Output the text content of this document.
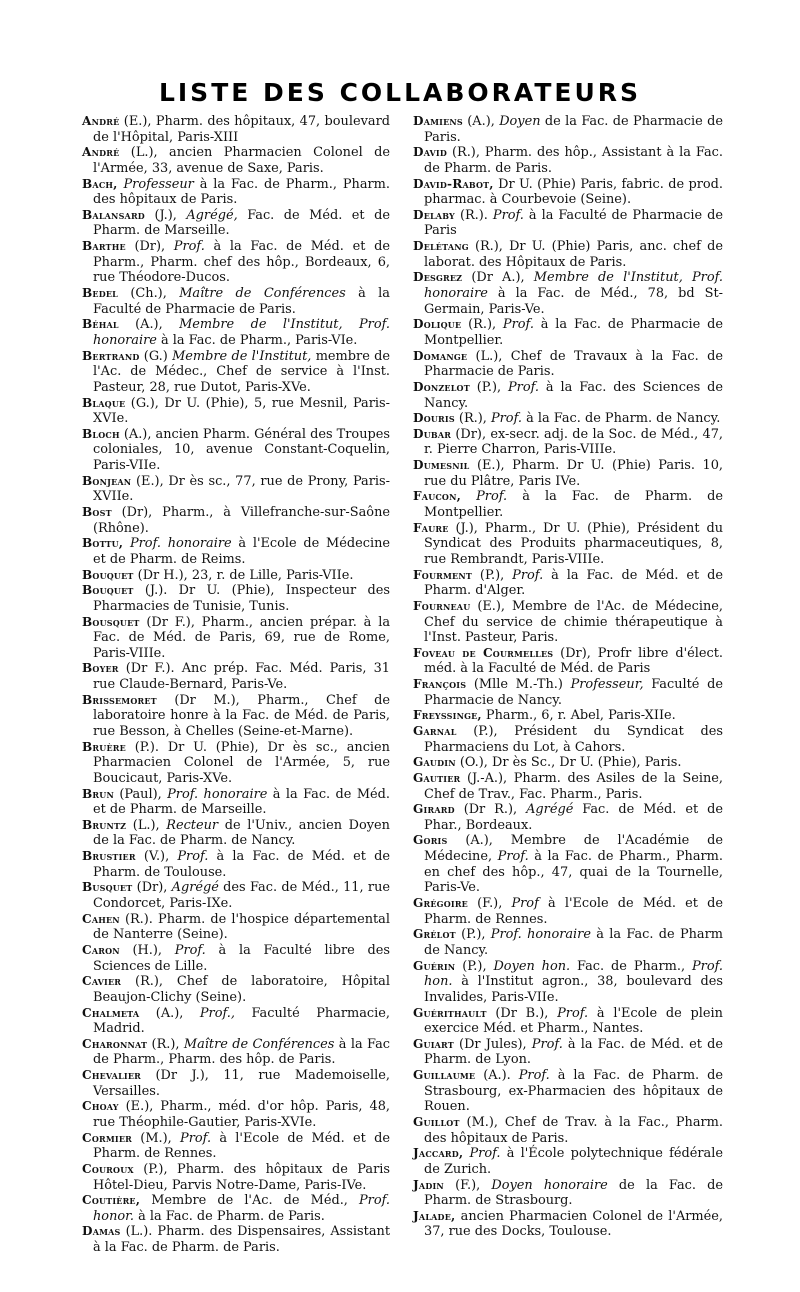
LISTE DES COLLABORATEURS
André (E.), Pharm. des hôpitaux, 47, boulevard de l'Hôpital, Paris-XIII
André (L.), ancien Pharmacien Colonel de l'Armée, 33, avenue de Saxe, Paris.
Bach, Professeur à la Fac. de Pharm., Pharm. des hôpitaux de Paris.
Balansard (J.), Agrégé, Fac. de Méd. et de Pharm. de Marseille.
Barthe (Dr), Prof. à la Fac. de Méd. et de Pharm., Pharm. chef des hôp., Bordeaux, 6, rue Théodore-Ducos.
Bedel (Ch.), Maître de Conférences à la Faculté de Pharmacie de Paris.
Béhal (A.), Membre de l'Institut, Prof. honoraire à la Fac. de Pharm., Paris-VIe.
Bertrand (G.) Membre de l'Institut, membre de l'Ac. de Médec., Chef de service à l'Inst. Pasteur, 28, rue Dutot, Paris-XVe.
Blaque (G.), Dr U. (Phie), 5, rue Mesnil, Paris-XVIe.
Bloch (A.), ancien Pharm. Général des Troupes coloniales, 10, avenue Constant-Coquelin, Paris-VIIe.
Bonjean (E.), Dr ès sc., 77, rue de Prony, Paris-XVIIe.
Bost (Dr), Pharm., à Villefranche-sur-Saône (Rhône).
Bottu, Prof. honoraire à l'Ecole de Médecine et de Pharm. de Reims.
Bouquet (Dr H.), 23, r. de Lille, Paris-VIIe.
Bouquet (J.). Dr U. (Phie), Inspecteur des Pharmacies de Tunisie, Tunis.
Bousquet (Dr F.), Pharm., ancien prépar. à la Fac. de Méd. de Paris, 69, rue de Rome, Paris-VIIIe.
Boyer (Dr F.). Anc prép. Fac. Méd. Paris, 31 rue Claude-Bernard, Paris-Ve.
Brissemoret (Dr M.), Pharm., Chef de laboratoire honre à la Fac. de Méd. de Paris, rue Besson, à Chelles (Seine-et-Marne).
Bruère (P.). Dr U. (Phie), Dr ès sc., ancien Pharmacien Colonel de l'Armée, 5, rue Boucicaut, Paris-XVe.
Brun (Paul), Prof. honoraire à la Fac. de Méd. et de Pharm. de Marseille.
Bruntz (L.), Recteur de l'Univ., ancien Doyen de la Fac. de Pharm. de Nancy.
Brustier (V.), Prof. à la Fac. de Méd. et de Pharm. de Toulouse.
Busquet (Dr), Agrégé des Fac. de Méd., 11, rue Condorcet, Paris-IXe.
Cahen (R.). Pharm. de l'hospice départemental de Nanterre (Seine).
Caron (H.), Prof. à la Faculté libre des Sciences de Lille.
Cavier (R.), Chef de laboratoire, Hôpital Beaujon-Clichy (Seine).
Chalmeta (A.), Prof., Faculté Pharmacie, Madrid.
Charonnat (R.), Maître de Conférences à la Fac de Pharm., Pharm. des hôp. de Paris.
Chevalier (Dr J.), 11, rue Mademoiselle, Versailles.
Choay (E.), Pharm., méd. d'or hôp. Paris, 48, rue Théophile-Gautier, Paris-XVIe.
Cormier (M.), Prof. à l'Ecole de Méd. et de Pharm. de Rennes.
Couroux (P.), Pharm. des hôpitaux de Paris Hôtel-Dieu, Parvis Notre-Dame, Paris-IVe.
Coutière, Membre de l'Ac. de Méd., Prof. honor. à la Fac. de Pharm. de Paris.
Damas (L.). Pharm. des Dispensaires, Assistant à la Fac. de Pharm. de Paris.
Damiens (A.), Doyen de la Fac. de Pharmacie de Paris.
David (R.), Pharm. des hôp., Assistant à la Fac. de Pharm. de Paris.
David-Rabot, Dr U. (Phie) Paris, fabric. de prod. pharmac. à Courbevoie (Seine).
Delaby (R.). Prof. à la Faculté de Pharmacie de Paris
Delétang (R.), Dr U. (Phie) Paris, anc. chef de laborat. des Hôpitaux de Paris.
Desgrez (Dr A.), Membre de l'Institut, Prof. honoraire à la Fac. de Méd., 78, bd St-Germain, Paris-Ve.
Dolique (R.), Prof. à la Fac. de Pharmacie de Montpellier.
Domange (L.), Chef de Travaux à la Fac. de Pharmacie de Paris.
Donzelot (P.), Prof. à la Fac. des Sciences de Nancy.
Douris (R.), Prof. à la Fac. de Pharm. de Nancy.
Dubar (Dr), ex-secr. adj. de la Soc. de Méd., 47, r. Pierre Charron, Paris-VIIIe.
Dumesnil (E.), Pharm. Dr U. (Phie) Paris. 10, rue du Plâtre, Paris IVe.
Faucon, Prof. à la Fac. de Pharm. de Montpellier.
Faure (J.), Pharm., Dr U. (Phie), Président du Syndicat des Produits pharmaceutiques, 8, rue Rembrandt, Paris-VIIIe.
Fourment (P.), Prof. à la Fac. de Méd. et de Pharm. d'Alger.
Fourneau (E.), Membre de l'Ac. de Médecine, Chef du service de chimie thérapeutique à l'Inst. Pasteur, Paris.
Foveau de Courmelles (Dr), Profr libre d'élect. méd. à la Faculté de Méd. de Paris
François (Mlle M.-Th.) Professeur, Faculté de Pharmacie de Nancy.
Freyssinge, Pharm., 6, r. Abel, Paris-XIIe.
Garnal (P.), Président du Syndicat des Pharmaciens du Lot, à Cahors.
Gaudin (O.), Dr ès Sc., Dr U. (Phie), Paris.
Gautier (J.-A.), Pharm. des Asiles de la Seine, Chef de Trav., Fac. Pharm., Paris.
Girard (Dr R.), Agrégé Fac. de Méd. et de Phar., Bordeaux.
Goris (A.), Membre de l'Académie de Médecine, Prof. à la Fac. de Pharm., Pharm. en chef des hôp., 47, quai de la Tournelle, Paris-Ve.
Grégoire (F.), Prof à l'Ecole de Méd. et de Pharm. de Rennes.
Grélot (P.), Prof. honoraire à la Fac. de Pharm de Nancy.
Guérin (P.), Doyen hon. Fac. de Pharm., Prof. hon. à l'Institut agron., 38, boulevard des Invalides, Paris-VIIe.
Guérithault (Dr B.), Prof. à l'Ecole de plein exercice Méd. et Pharm., Nantes.
Guiart (Dr Jules), Prof. à la Fac. de Méd. et de Pharm. de Lyon.
Guillaume (A.). Prof. à la Fac. de Pharm. de Strasbourg, ex-Pharmacien des hôpitaux de Rouen.
Guillot (M.), Chef de Trav. à la Fac., Pharm. des hôpitaux de Paris.
Jaccard, Prof. à l'École polytechnique fédérale de Zurich.
Jadin (F.), Doyen honoraire de la Fac. de Pharm. de Strasbourg.
Jalade, ancien Pharmacien Colonel de l'Armée, 37, rue des Docks, Toulouse.
